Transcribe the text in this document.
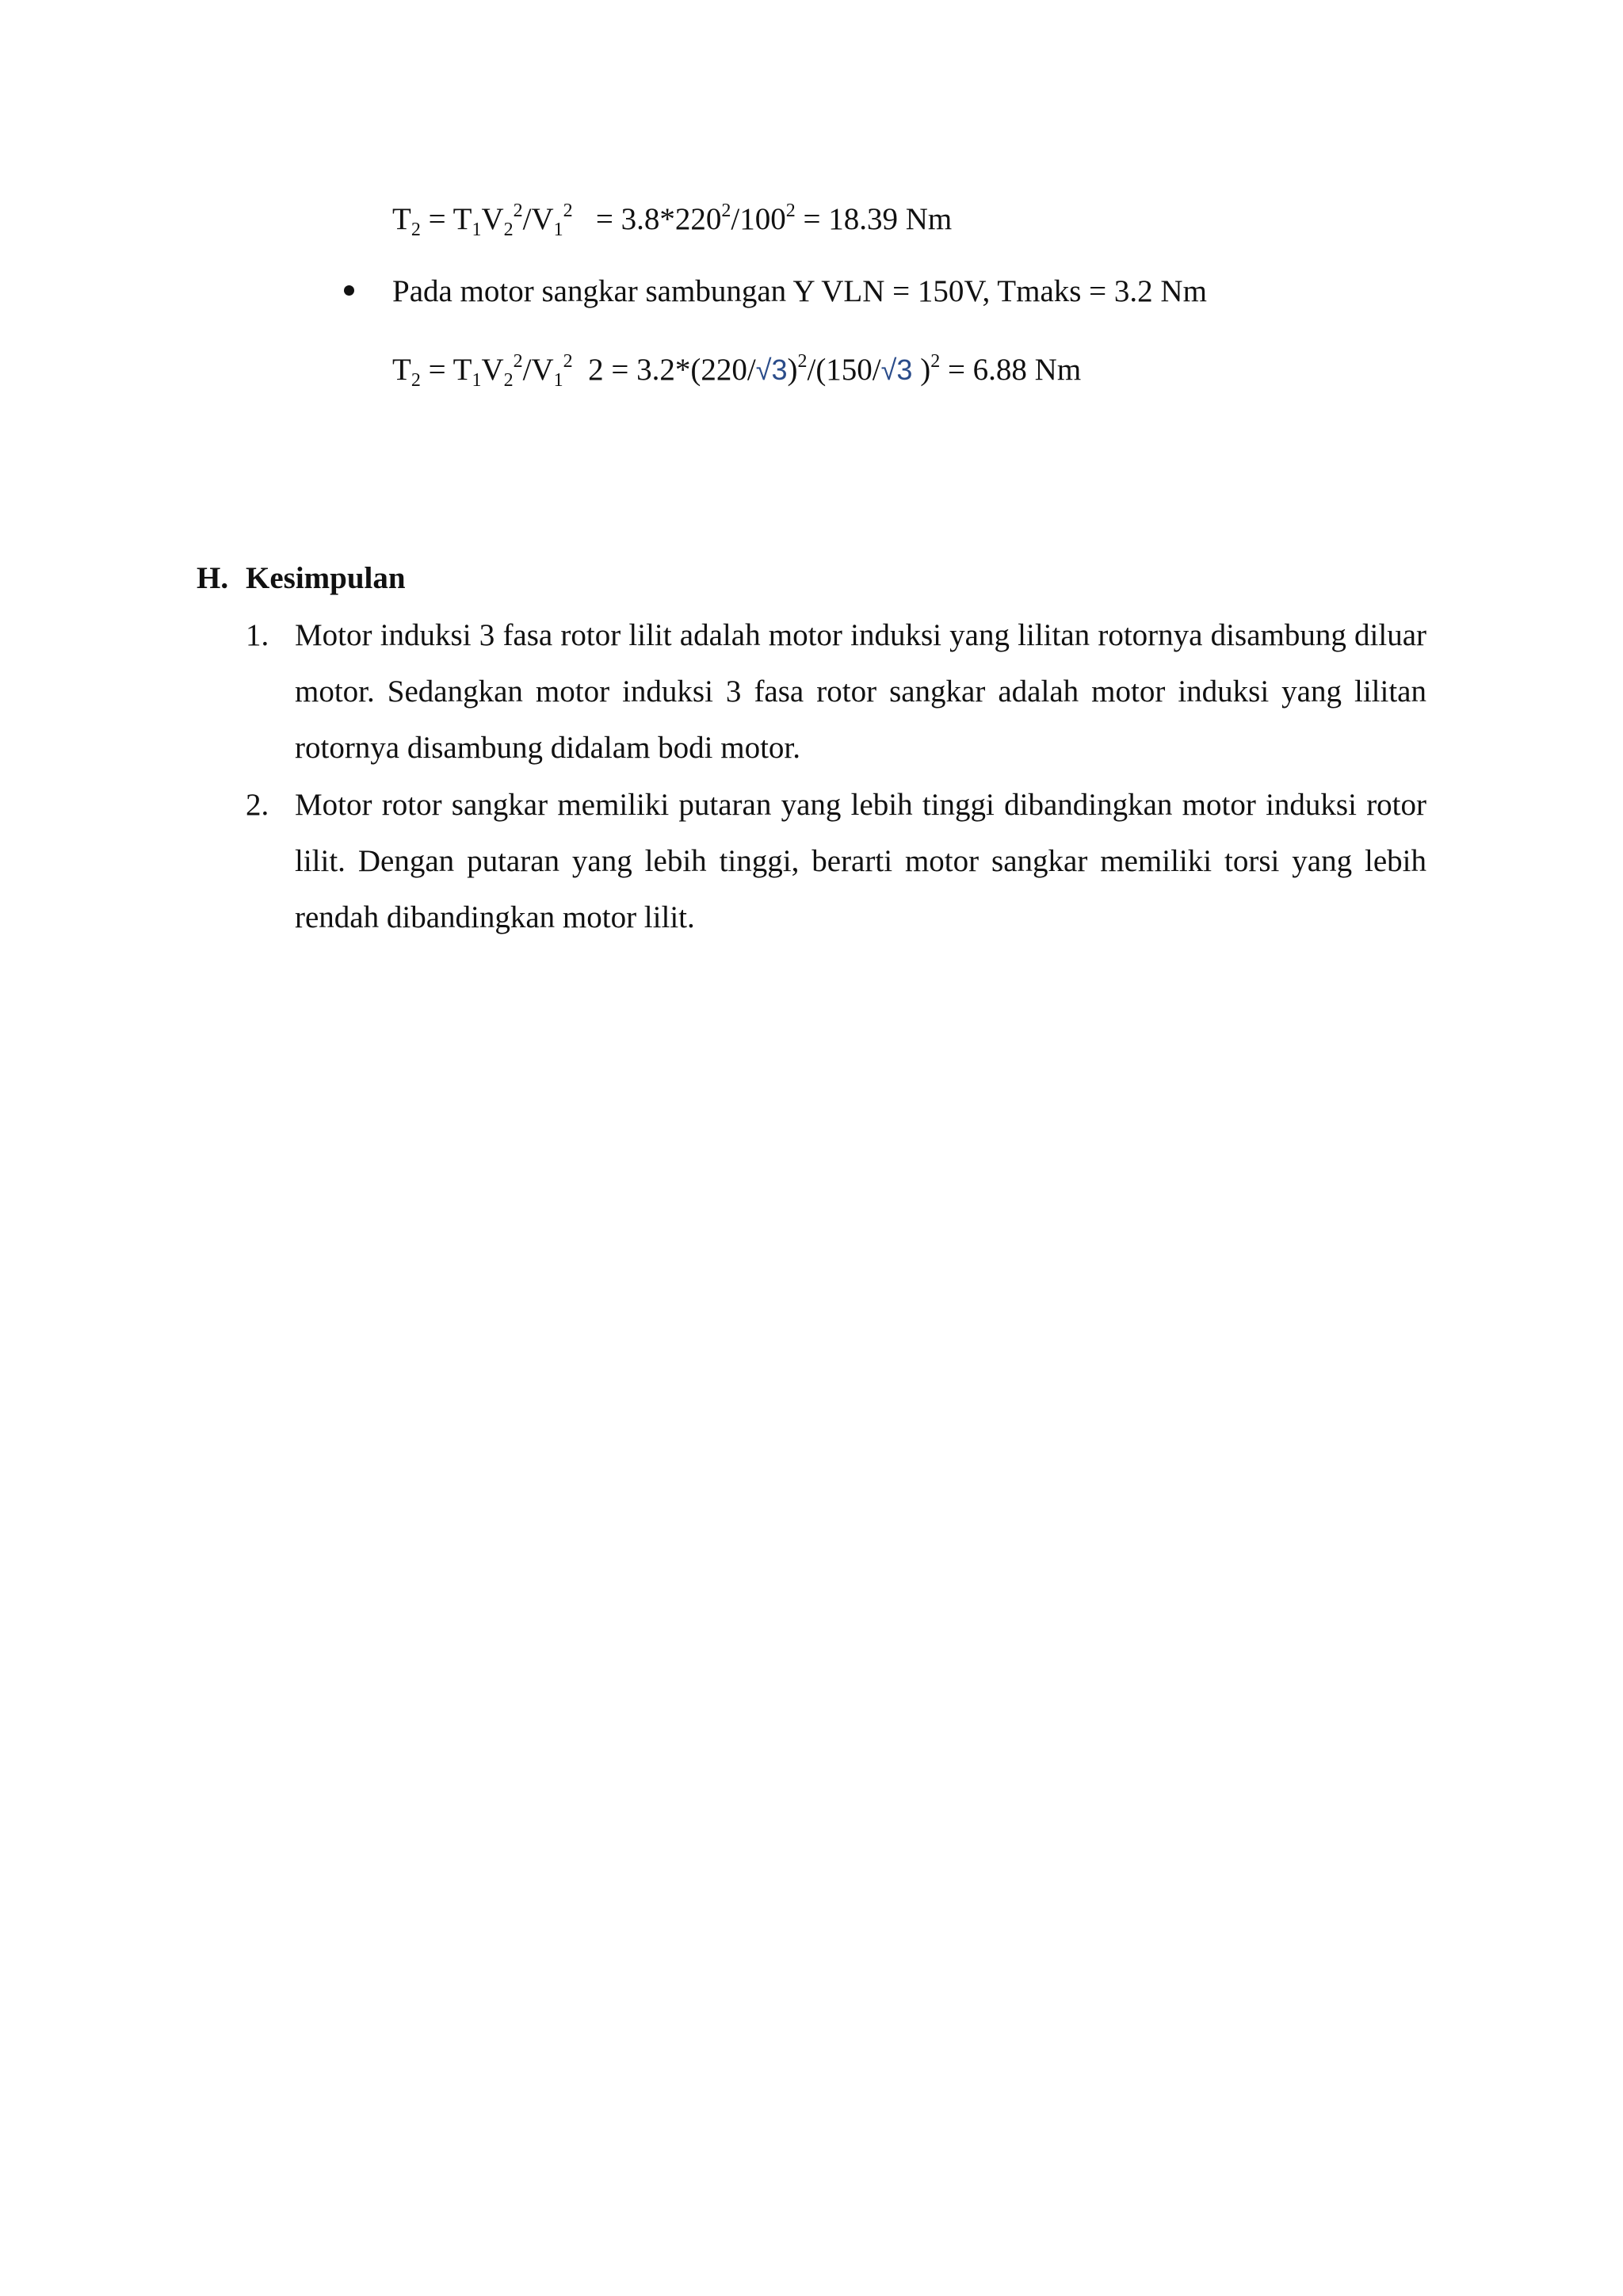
$T_2 = T_1V_2^2/V_1^2 = 3.8*220^2/100^2 = 18.39$ Nm
Pada motor sangkar sambungan Y VLN = 150V, Tmaks = 3.2 Nm
$T_2 = T_1V_2^2/V_1^2$  $2 = 3.2*(220/√3)^2/(150/√3$ )$^2$ = 6.88 Nm
H. Kesimpulan
1. Motor induksi 3 fasa rotor lilit adalah motor induksi yang lilitan rotornya disambung diluar motor. Sedangkan motor induksi 3 fasa rotor sangkar adalah motor induksi yang lilitan rotornya disambung didalam bodi motor.
2. Motor rotor sangkar memiliki putaran yang lebih tinggi dibandingkan motor induksi rotor lilit. Dengan putaran yang lebih tinggi, berarti motor sangkar memiliki torsi yang lebih rendah dibandingkan motor lilit.
